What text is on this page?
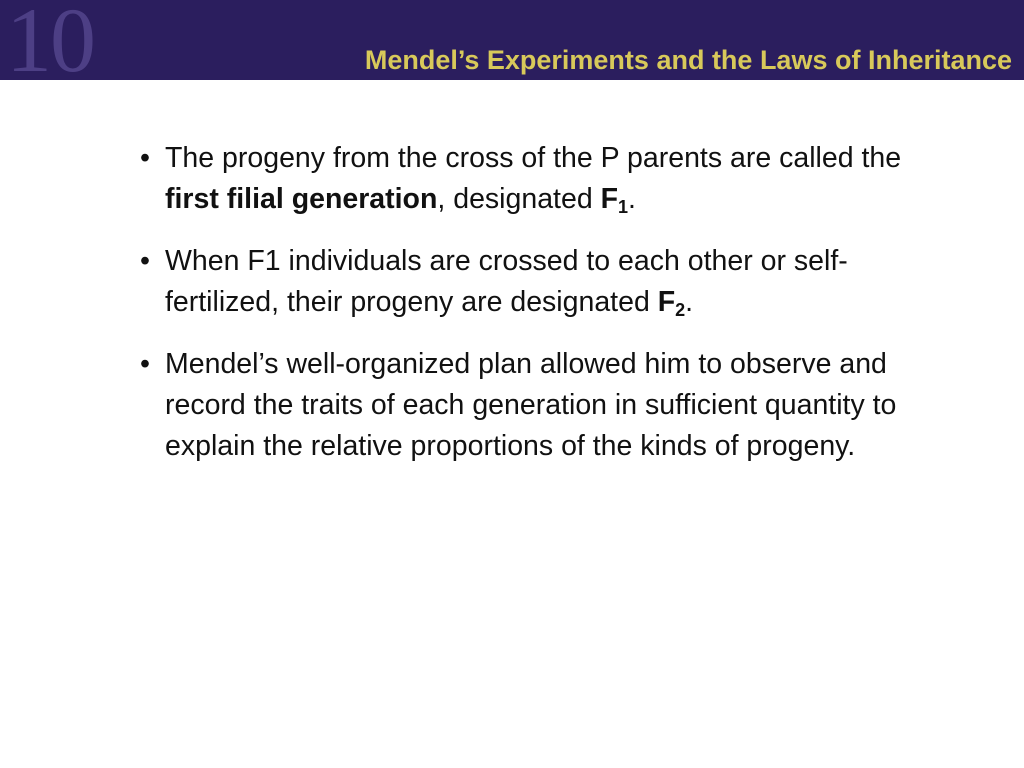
10	Mendel’s Experiments and the Laws of Inheritance
• The progeny from the cross of the P parents are called the first filial generation, designated $F_1$.
• When F1 individuals are crossed to each other or self-fertilized, their progeny are designated $F_2$.
• Mendel’s well-organized plan allowed him to observe and record the traits of each generation in sufficient quantity to explain the relative proportions of the kinds of progeny.
